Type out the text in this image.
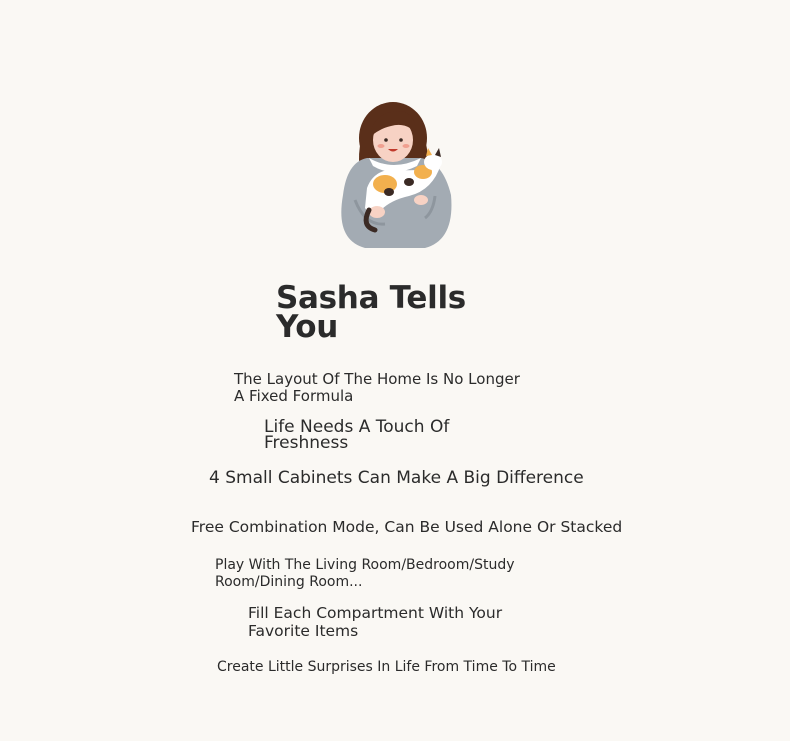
Sasha Tells You

The Layout Of The Home Is No Longer A Fixed Formula

Life Needs A Touch Of Freshness

4 Small Cabinets Can Make A Big Difference

Free Combination Mode, Can Be Used Alone Or Stacked

Play With The Living Room/Bedroom/Study Room/Dining Room...

Fill Each Compartment With Your Favorite Items

Create Little Surprises In Life From Time To Time
